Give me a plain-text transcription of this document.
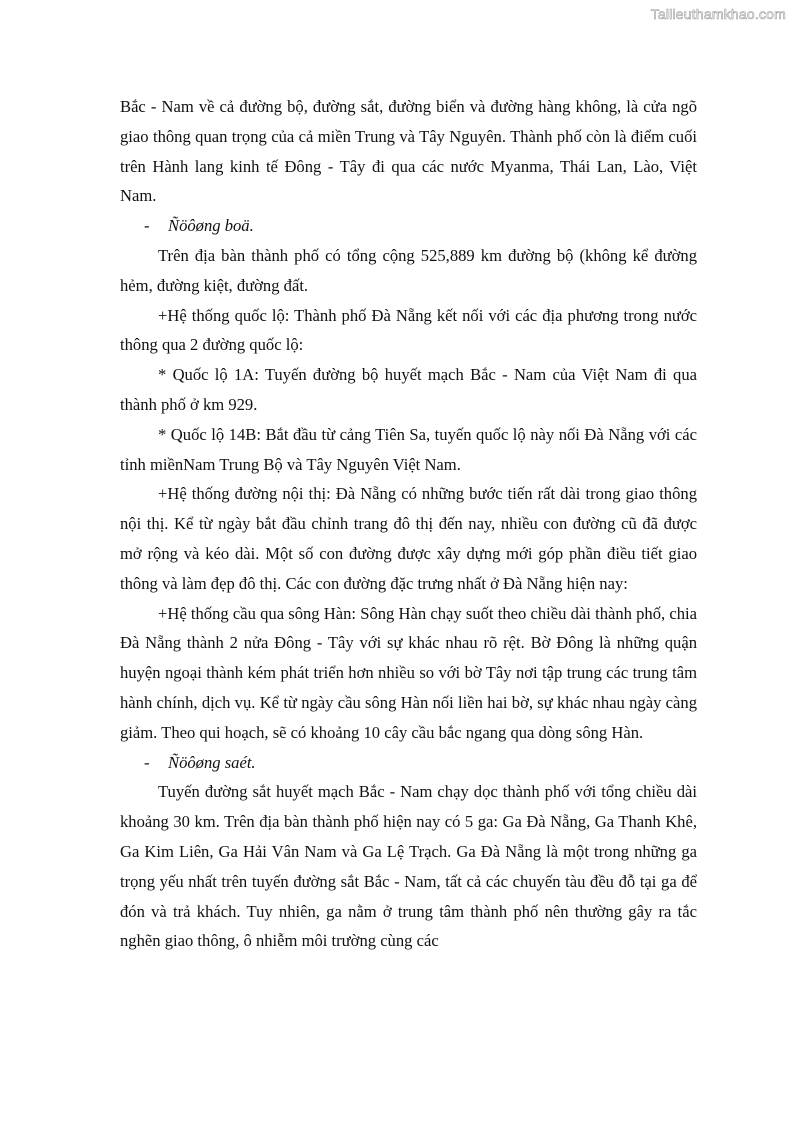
Tailieuthamkhao.com

Bắc - Nam về cả đường bộ, đường sắt, đường biển và đường hàng không, là cửa ngõ giao thông quan trọng của cả miền Trung và Tây Nguyên. Thành phố còn là điểm cuối trên Hành lang kinh tế Đông - Tây đi qua các nước Myanma, Thái Lan, Lào, Việt Nam.

- Ñöôøng boä.

Trên địa bàn thành phố có tổng cộng 525,889 km đường bộ (không kể đường hẻm, đường kiệt, đường đất.

+Hệ thống quốc lộ: Thành phố Đà Nẵng kết nối với các địa phương trong nước thông qua 2 đường quốc lộ:

* Quốc lộ 1A: Tuyến đường bộ huyết mạch Bắc - Nam của Việt Nam đi qua thành phố ở km 929.

* Quốc lộ 14B: Bắt đầu từ cảng Tiên Sa, tuyến quốc lộ này nối Đà Nẵng với các tỉnh miềnNam Trung Bộ và Tây Nguyên Việt Nam.

+Hệ thống đường nội thị: Đà Nẵng có những bước tiến rất dài trong giao thông nội thị. Kể từ ngày bắt đầu chỉnh trang đô thị đến nay, nhiều con đường cũ đã được mở rộng và kéo dài. Một số con đường được xây dựng mới góp phần điều tiết giao thông và làm đẹp đô thị. Các con đường đặc trưng nhất ở Đà Nẵng hiện nay:

+Hệ thống cầu qua sông Hàn: Sông Hàn chạy suốt theo chiều dài thành phố, chia Đà Nẵng thành 2 nửa Đông - Tây với sự khác nhau rõ rệt. Bờ Đông là những quận huyện ngoại thành kém phát triển hơn nhiều so với bờ Tây nơi tập trung các trung tâm hành chính, dịch vụ. Kể từ ngày cầu sông Hàn nối liền hai bờ, sự khác nhau ngày càng giảm. Theo qui hoạch, sẽ có khoảng 10 cây cầu bắc ngang qua dòng sông Hàn.

- Ñöôøng saét.

Tuyến đường sắt huyết mạch Bắc - Nam chạy dọc thành phố với tổng chiều dài khoảng 30 km. Trên địa bàn thành phố hiện nay có 5 ga: Ga Đà Nẵng, Ga Thanh Khê, Ga Kim Liên, Ga Hải Vân Nam và Ga Lệ Trạch. Ga Đà Nẵng là một trong những ga trọng yếu nhất trên tuyến đường sắt Bắc - Nam, tất cả các chuyến tàu đều đỗ tại ga để đón và trả khách. Tuy nhiên, ga nằm ở trung tâm thành phố nên thường gây ra tắc nghẽn giao thông, ô nhiễm môi trường cùng các
